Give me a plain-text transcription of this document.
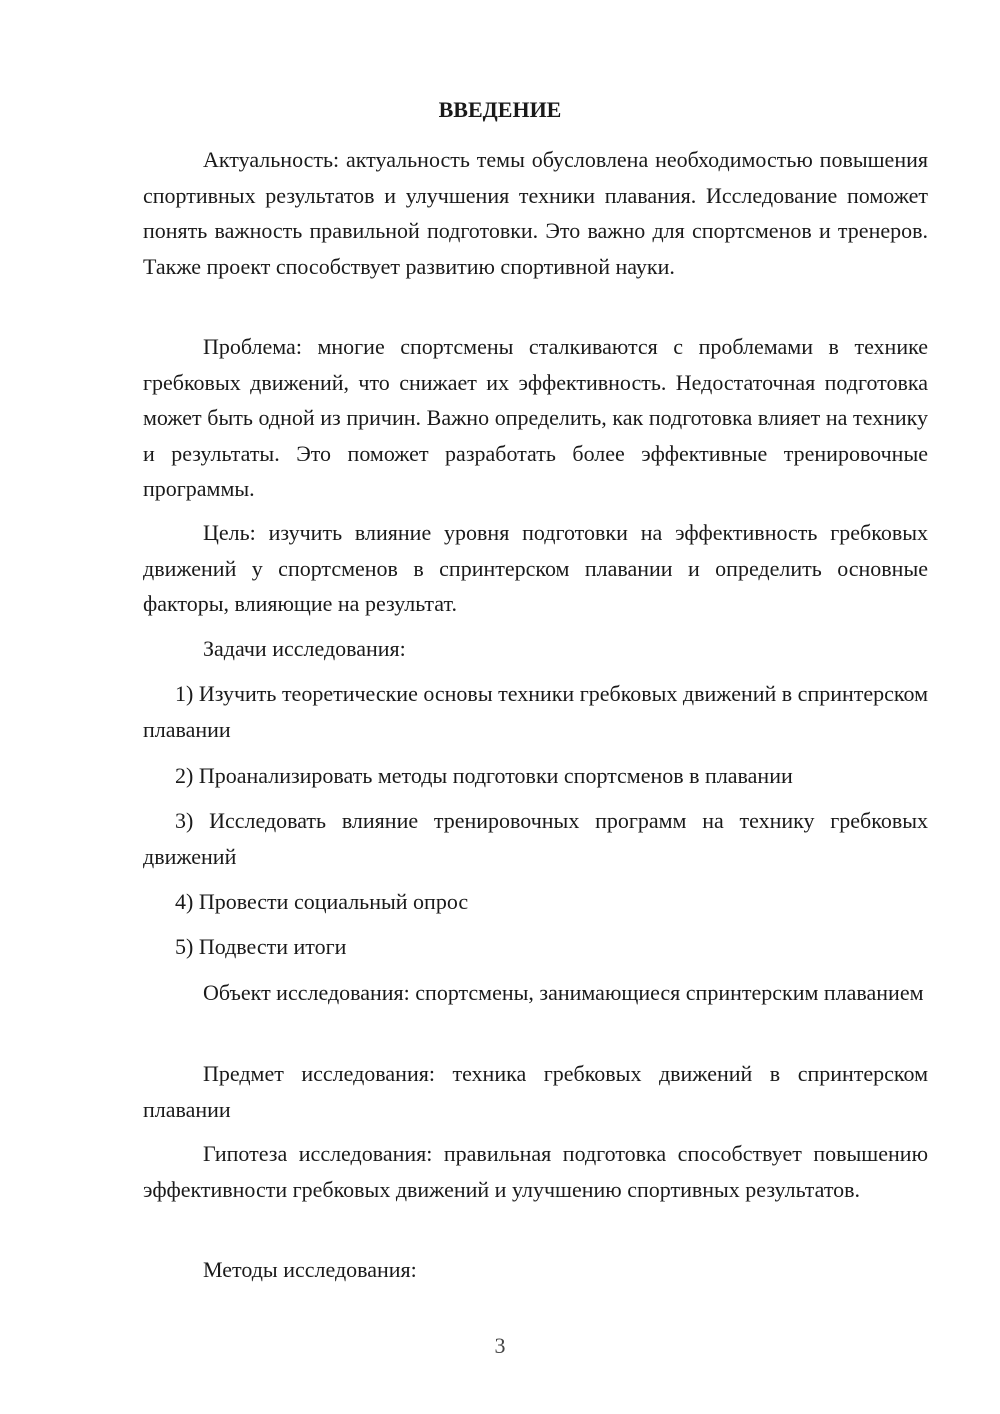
ВВЕДЕНИЕ

Актуальность: актуальность темы обусловлена необходимостью повышения спортивных результатов и улучшения техники плавания. Исследование поможет понять важность правильной подготовки. Это важно для спортсменов и тренеров. Также проект способствует развитию спортивной науки.

Проблема: многие спортсмены сталкиваются с проблемами в технике гребковых движений, что снижает их эффективность. Недостаточная подготовка может быть одной из причин. Важно определить, как подготовка влияет на технику и результаты. Это поможет разработать более эффективные тренировочные программы.

Цель: изучить влияние уровня подготовки на эффективность гребковых движений у спортсменов в спринтерском плавании и определить основные факторы, влияющие на результат.

Задачи исследования:

1) Изучить теоретические основы техники гребковых движений в спринтерском плавании

2) Проанализировать методы подготовки спортсменов в плавании

3) Исследовать влияние тренировочных программ на технику гребковых движений

4) Провести социальный опрос

5) Подвести итоги

Объект исследования: спортсмены, занимающиеся спринтерским плаванием

Предмет исследования: техника гребковых движений в спринтерском плавании

Гипотеза исследования: правильная подготовка способствует повышению эффективности гребковых движений и улучшению спортивных результатов.

Методы исследования:

3
